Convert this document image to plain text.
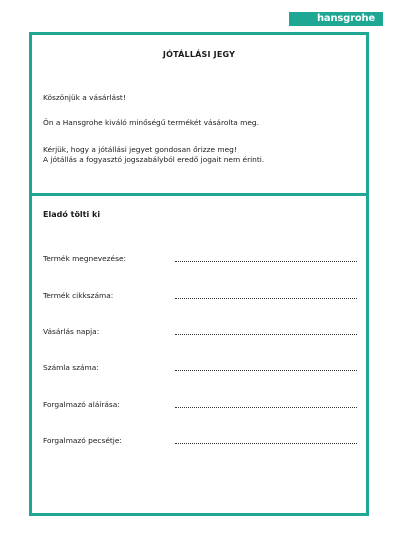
hansgrohe
JÓTÁLLÁSI JEGY
Köszönjük a vásárlást!
Ön a Hansgrohe kiváló minőségű termékét vásárolta meg.
Kérjük, hogy a jótállási jegyet gondosan őrizze meg!
A jótállás a fogyasztó jogszabályból eredő jogait nem érinti.
Eladó tölti ki
Termék megnevezése:
Termék cikkszáma:
Vásárlás napja:
Számla száma:
Forgalmazó aláírása:
Forgalmazó pecsétje:
